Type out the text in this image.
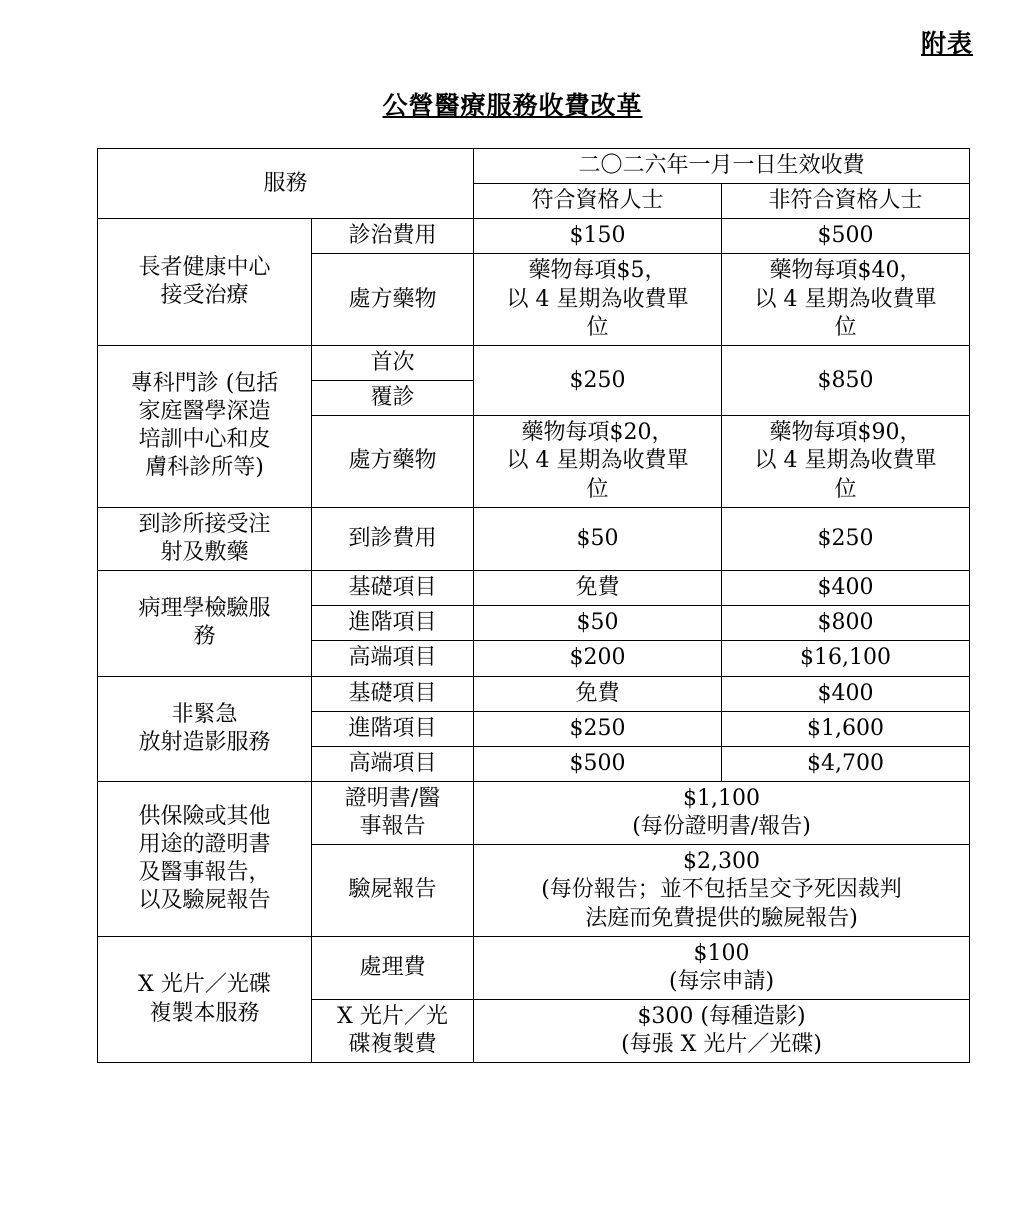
附表
公營醫療服務收費改革
服務		二〇二六年一月一日生效收費	
		符合資格人士	非符合資格人士
長者健康中心
接受治療	診治費用	$150	$500
	處方藥物	藥物每項$5，
以 4 星期為收費單
位	藥物每項$40，
以 4 星期為收費單
位
專科門診 (包括
家庭醫學深造
培訓中心和皮
膚科診所等)	首次	$250	$850
	覆診		
	處方藥物	藥物每項$20，
以 4 星期為收費單
位	藥物每項$90，
以 4 星期為收費單
位
到診所接受注
射及敷藥	到診費用	$50	$250
病理學檢驗服
務	基礎項目	免費	$400
	進階項目	$50	$800
	高端項目	$200	$16,100
非緊急
放射造影服務	基礎項目	免費	$400
	進階項目	$250	$1,600
	高端項目	$500	$4,700
供保險或其他
用途的證明書
及醫事報告，
以及驗屍報告	證明書/醫
事報告	$1,100
(每份證明書/報告)	
	驗屍報告	$2,300
(每份報告；並不包括呈交予死因裁判
法庭而免費提供的驗屍報告)	
X 光片／光碟
複製本服務	處理費	$100
(每宗申請)	
	X 光片／光
碟複製費	$300 (每種造影)
(每張 X 光片／光碟)	
